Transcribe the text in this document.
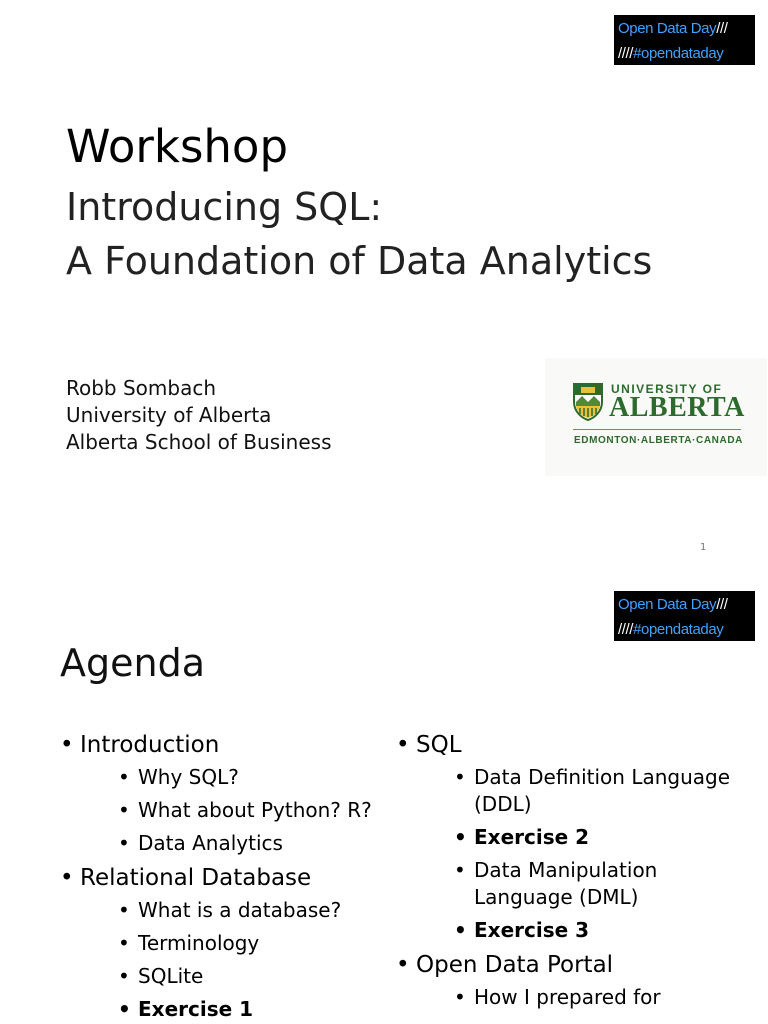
Open Data Day///
////#opendataday
Workshop
Introducing SQL:
A Foundation of Data Analytics
Robb Sombach
University of Alberta
Alberta School of Business
UNIVERSITY OF
ALBERTA
EDMONTON·ALBERTA·CANADA
1
Open Data Day///
////#opendataday
Agenda
• Introduction
• Why SQL?
• What about Python? R?
• Data Analytics
• Relational Database
• What is a database?
• Terminology
• SQLite
• Exercise 1
• SQL
• Data Definition Language (DDL)
• Exercise 2
• Data Manipulation Language (DML)
• Exercise 3
• Open Data Portal
• How I prepared for
